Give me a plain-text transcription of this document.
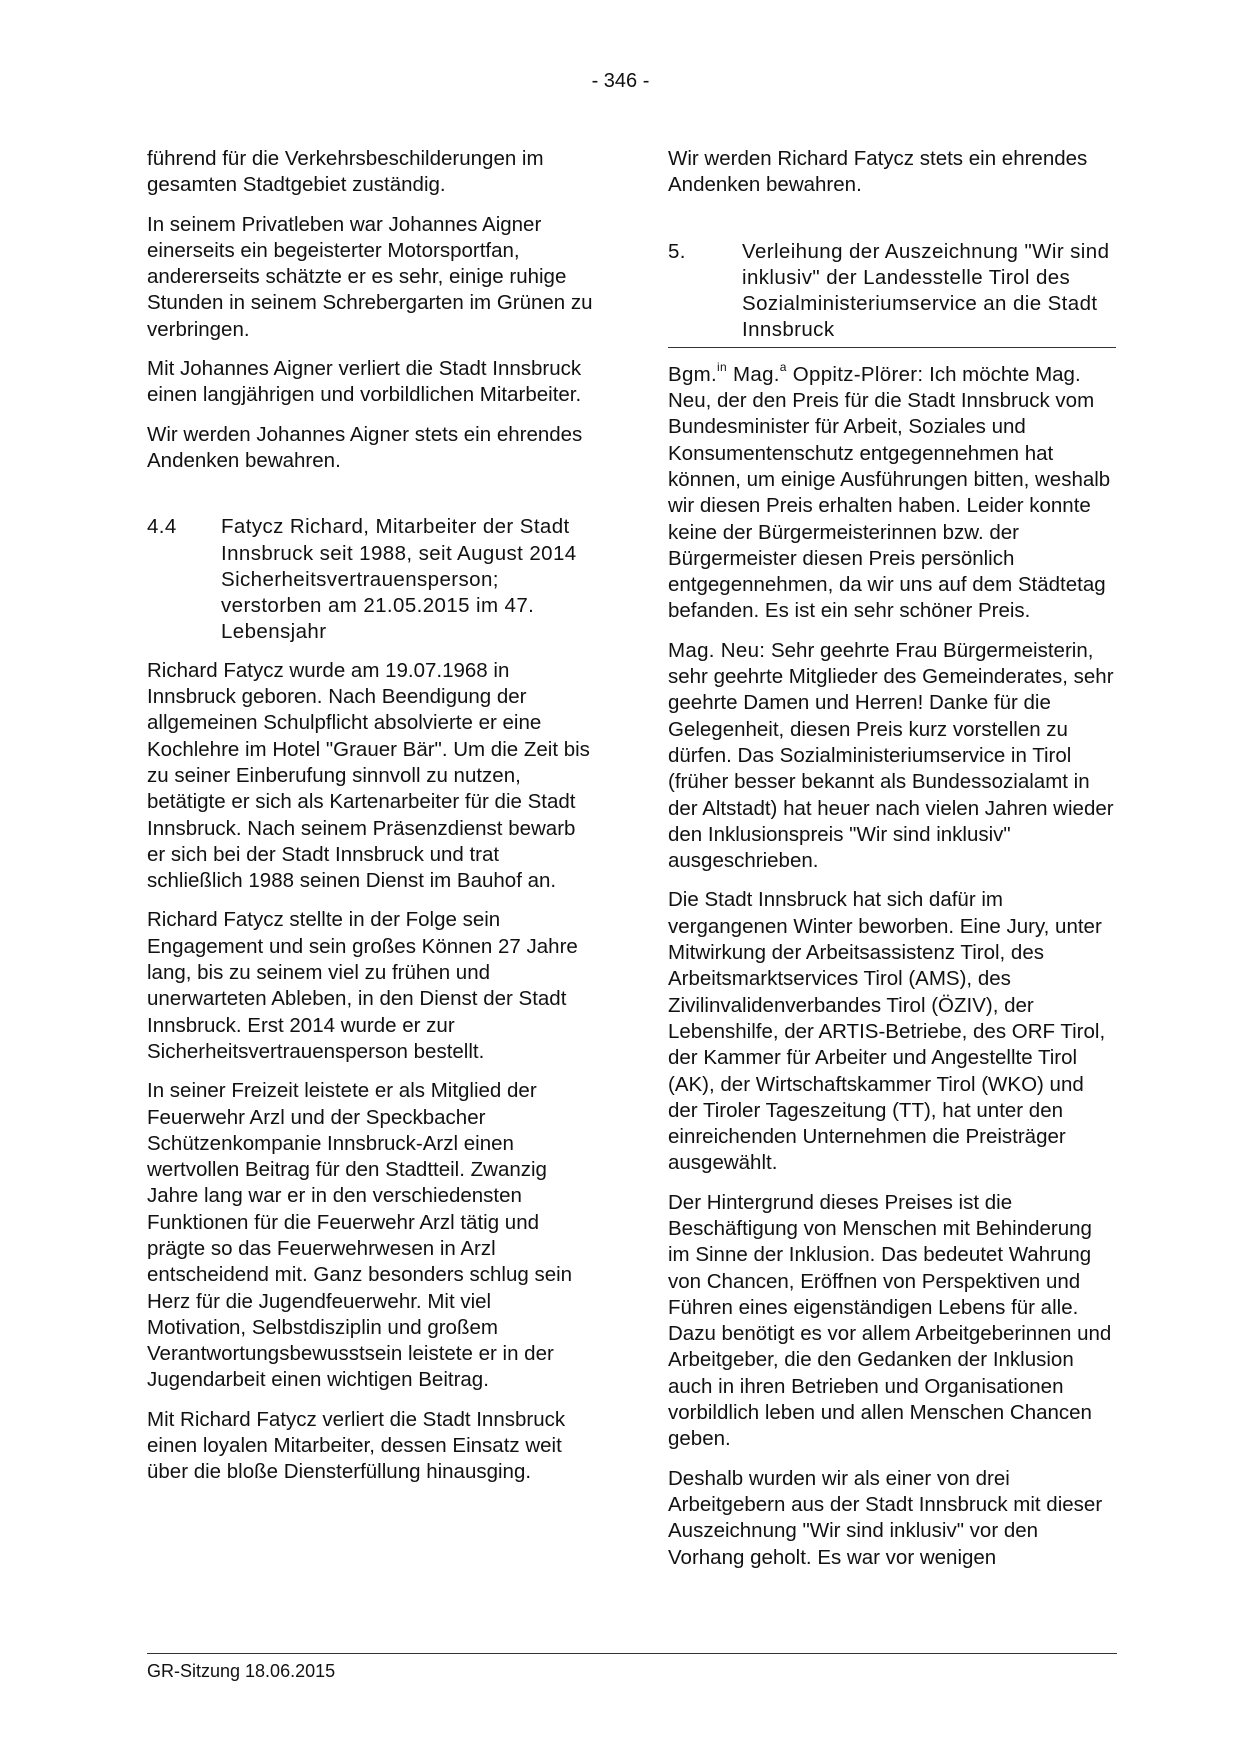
- 346 -

führend für die Verkehrsbeschilderungen im gesamten Stadtgebiet zuständig.

In seinem Privatleben war Johannes Aigner einerseits ein begeisterter Motorsportfan, andererseits schätzte er es sehr, einige ruhige Stunden in seinem Schrebergarten im Grünen zu verbringen.

Mit Johannes Aigner verliert die Stadt Innsbruck einen langjährigen und vorbildlichen Mitarbeiter.

Wir werden Johannes Aigner stets ein ehrendes Andenken bewahren.

4.4	Fatycz Richard, Mitarbeiter der Stadt Innsbruck seit 1988, seit August 2014 Sicherheitsvertrauensperson; verstorben am 21.05.2015 im 47. Lebensjahr

Richard Fatycz wurde am 19.07.1968 in Innsbruck geboren. Nach Beendigung der allgemeinen Schulpflicht absolvierte er eine Kochlehre im Hotel "Grauer Bär". Um die Zeit bis zu seiner Einberufung sinnvoll zu nutzen, betätigte er sich als Kartenarbeiter für die Stadt Innsbruck. Nach seinem Präsenzdienst bewarb er sich bei der Stadt Innsbruck und trat schließlich 1988 seinen Dienst im Bauhof an.

Richard Fatycz stellte in der Folge sein Engagement und sein großes Können 27 Jahre lang, bis zu seinem viel zu frühen und unerwarteten Ableben, in den Dienst der Stadt Innsbruck. Erst 2014 wurde er zur Sicherheitsvertrauensperson bestellt.

In seiner Freizeit leistete er als Mitglied der Feuerwehr Arzl und der Speckbacher Schützenkompanie Innsbruck-Arzl einen wertvollen Beitrag für den Stadtteil. Zwanzig Jahre lang war er in den verschiedensten Funktionen für die Feuerwehr Arzl tätig und prägte so das Feuerwehrwesen in Arzl entscheidend mit. Ganz besonders schlug sein Herz für die Jugendfeuerwehr. Mit viel Motivation, Selbstdisziplin und großem Verantwortungsbewusstsein leistete er in der Jugendarbeit einen wichtigen Beitrag.

Mit Richard Fatycz verliert die Stadt Innsbruck einen loyalen Mitarbeiter, dessen Einsatz weit über die bloße Diensterfüllung hinausging.

Wir werden Richard Fatycz stets ein ehrendes Andenken bewahren.

5.	Verleihung der Auszeichnung "Wir sind inklusiv" der Landesstelle Tirol des Sozialministeriumservice an die Stadt Innsbruck

Bgm.$^{in}$ Mag.$^a$ Oppitz-Plörer: Ich möchte Mag. Neu, der den Preis für die Stadt Innsbruck vom Bundesminister für Arbeit, Soziales und Konsumentenschutz entgegennehmen hat können, um einige Ausführungen bitten, weshalb wir diesen Preis erhalten haben. Leider konnte keine der Bürgermeisterinnen bzw. der Bürgermeister diesen Preis persönlich entgegennehmen, da wir uns auf dem Städtetag befanden. Es ist ein sehr schöner Preis.

Mag. Neu: Sehr geehrte Frau Bürgermeisterin, sehr geehrte Mitglieder des Gemeinderates, sehr geehrte Damen und Herren! Danke für die Gelegenheit, diesen Preis kurz vorstellen zu dürfen. Das Sozialministeriumservice in Tirol (früher besser bekannt als Bundessozialamt in der Altstadt) hat heuer nach vielen Jahren wieder den Inklusionspreis "Wir sind inklusiv" ausgeschrieben.

Die Stadt Innsbruck hat sich dafür im vergangenen Winter beworben. Eine Jury, unter Mitwirkung der Arbeitsassistenz Tirol, des Arbeitsmarktservices Tirol (AMS), des Zivilinvalidenverbandes Tirol (ÖZIV), der Lebenshilfe, der ARTIS-Betriebe, des ORF Tirol, der Kammer für Arbeiter und Angestellte Tirol (AK), der Wirtschaftskammer Tirol (WKO) und der Tiroler Tageszeitung (TT), hat unter den einreichenden Unternehmen die Preisträger ausgewählt.

Der Hintergrund dieses Preises ist die Beschäftigung von Menschen mit Behinderung im Sinne der Inklusion. Das bedeutet Wahrung von Chancen, Eröffnen von Perspektiven und Führen eines eigenständigen Lebens für alle. Dazu benötigt es vor allem Arbeitgeberinnen und Arbeitgeber, die den Gedanken der Inklusion auch in ihren Betrieben und Organisationen vorbildlich leben und allen Menschen Chancen geben.

Deshalb wurden wir als einer von drei Arbeitgebern aus der Stadt Innsbruck mit dieser Auszeichnung "Wir sind inklusiv" vor den Vorhang geholt. Es war vor wenigen

GR-Sitzung 18.06.2015
